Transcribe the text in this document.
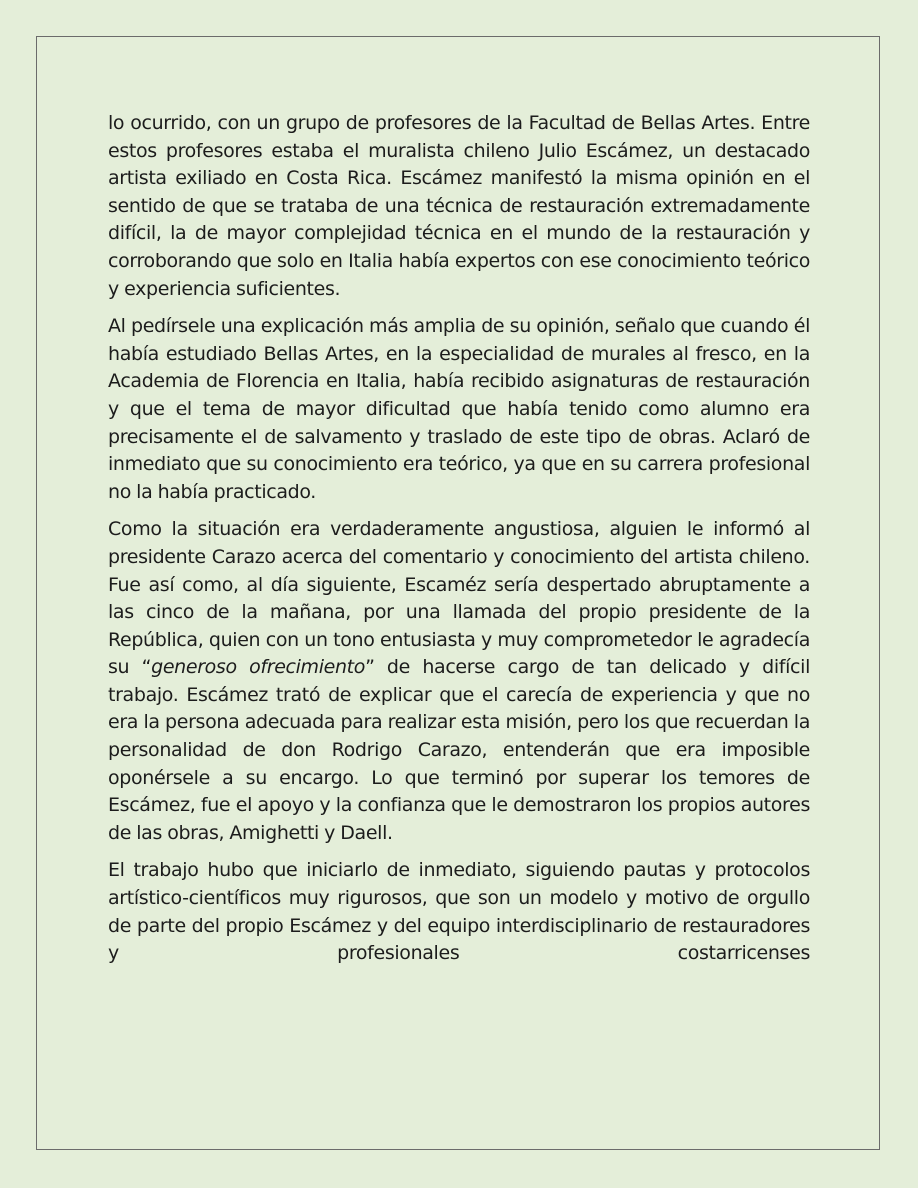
lo ocurrido, con un grupo de profesores de la Facultad de Bellas Artes. Entre estos profesores estaba el muralista chileno Julio Escámez, un destacado artista exiliado en Costa Rica. Escámez manifestó la misma opinión en el sentido de que se trataba de una técnica de restauración extremadamente difícil, la de mayor complejidad técnica en el mundo de la restauración y corroborando que solo en Italia había expertos con ese conocimiento teórico y experiencia suficientes.

Al pedírsele una explicación más amplia de su opinión, señalo que cuando él había estudiado Bellas Artes, en la especialidad de murales al fresco, en la Academia de Florencia en Italia, había recibido asignaturas de restauración y que el tema de mayor dificultad que había tenido como alumno era precisamente el de salvamento y traslado de este tipo de obras. Aclaró de inmediato que su conocimiento era teórico, ya que en su carrera profesional no la había practicado.

Como la situación era verdaderamente angustiosa, alguien le informó al presidente Carazo acerca del comentario y conocimiento del artista chileno. Fue así como, al día siguiente, Escaméz sería despertado abruptamente a las cinco de la mañana, por una llamada del propio presidente de la República, quien con un tono entusiasta y muy comprometedor le agradecía su “generoso ofrecimiento” de hacerse cargo de tan delicado y difícil trabajo. Escámez trató de explicar que el carecía de experiencia y que no era la persona adecuada para realizar esta misión, pero los que recuerdan la personalidad de don Rodrigo Carazo, entenderán que era imposible oponérsele a su encargo. Lo que terminó por superar los temores de Escámez, fue el apoyo y la confianza que le demostraron los propios autores de las obras, Amighetti y Daell.

El trabajo hubo que iniciarlo de inmediato, siguiendo pautas y protocolos artístico-científicos muy rigurosos, que son un modelo y motivo de orgullo de parte del propio Escámez y del equipo interdisciplinario de restauradores y profesionales costarricenses
